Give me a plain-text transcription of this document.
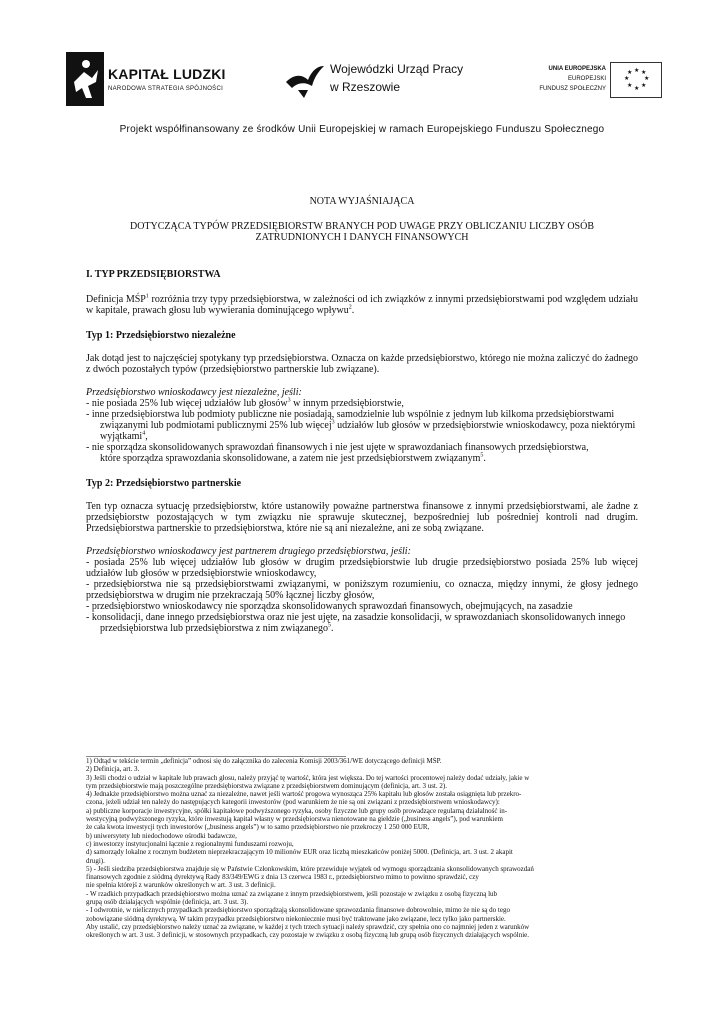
KAPITAŁ LUDZKI
NARODOWA STRATEGIA SPÓJNOŚCI
Wojewódzki Urząd Pracy
w Rzeszowie
UNIA EUROPEJSKA
EUROPEJSKI
FUNDUSZ SPOŁECZNY
★ ★
★
★
★
★
★
★
Projekt współfinansowany ze środków Unii Europejskiej w ramach Europejskiego Funduszu Społecznego
NOTA WYJAŚNIAJĄCA
DOTYCZĄCA TYPÓW PRZEDSIĘBIORSTW BRANYCH POD UWAGE PRZY OBLICZANIU LICZBY OSÓB
ZATRUDNIONYCH I DANYCH FINANSOWYCH
I. TYP PRZEDSIĘBIORSTWA

Definicja MŚP$^1$ rozróżnia trzy typy przedsiębiorstwa, w zależności od ich związków z innymi przedsiębiorstwami pod względem udziału w kapitale, prawach głosu lub wywierania dominującego wpływu$^2$.

Typ 1: Przedsiębiorstwo niezależne

Jak dotąd jest to najczęściej spotykany typ przedsiębiorstwa. Oznacza on każde przedsiębiorstwo, którego nie można zaliczyć do żadnego z dwóch pozostałych typów (przedsiębiorstwo partnerskie lub związane).

Przedsiębiorstwo wnioskodawcy jest niezależne, jeśli:

- nie posiada 25% lub więcej udziałów lub głosów$^3$ w innym przedsiębiorstwie,

- inne przedsiębiorstwa lub podmioty publiczne nie posiadają, samodzielnie lub wspólnie z jednym lub kilkoma przedsiębiorstwami

związanymi lub podmiotami publicznymi 25% lub więcej$^3$ udziałów lub głosów w przedsiębiorstwie wnioskodawcy, poza niektórymi

wyjątkami$^4$,

- nie sporządza skonsolidowanych sprawozdań finansowych i nie jest ujęte w sprawozdaniach finansowych przedsiębiorstwa,

które sporządza sprawozdania skonsolidowane, a zatem nie jest przedsiębiorstwem związanym$^5$.

Typ 2: Przedsiębiorstwo partnerskie

Ten typ oznacza sytuację przedsiębiorstw, które ustanowiły poważne partnerstwa finansowe z innymi przedsiębiorstwami, ale żadne z przedsiębiorstw pozostających w tym związku nie sprawuje skutecznej, bezpośredniej lub pośredniej kontroli nad drugim. Przedsiębiorstwa partnerskie to przedsiębiorstwa, które nie są ani niezależne, ani ze sobą związane.

Przedsiębiorstwo wnioskodawcy jest partnerem drugiego przedsiębiorstwa, jeśli:

- posiada 25% lub więcej udziałów lub głosów w drugim przedsiębiorstwie lub drugie przedsiębiorstwo posiada 25% lub więcej udziałów lub głosów w przedsiębiorstwie wnioskodawcy,

- przedsiębiorstwa nie są przedsiębiorstwami związanymi, w poniższym rozumieniu, co oznacza, między innymi, że głosy jednego przedsiębiorstwa w drugim nie przekraczają 50% łącznej liczby głosów,

- przedsiębiorstwo wnioskodawcy nie sporządza skonsolidowanych sprawozdań finansowych, obejmujących, na zasadzie

- konsolidacji, dane innego przedsiębiorstwa oraz nie jest ujęte, na zasadzie konsolidacji, w sprawozdaniach skonsolidowanych innego

przedsiębiorstwa lub przedsiębiorstwa z nim związanego$^5$.

1) Odtąd w tekście termin „definicja” odnosi się do załącznika do zalecenia Komisji 2003/361/WE dotyczącego definicji MŚP.
2) Definicja, art. 3.
3) Jeśli chodzi o udział w kapitale lub prawach głosu, należy przyjąć tę wartość, która jest większa. Do tej wartości procentowej należy dodać udziały, jakie w
tym przedsiębiorstwie mają poszczególne przedsiębiorstwa związane z przedsiębiorstwem dominującym (definicja, art. 3 ust. 2).
4) Jednakże przedsiębiorstwo można uznać za niezależne, nawet jeśli wartość progowa wynosząca 25% kapitału lub głosów została osiągnięta lub przekro-
czona, jeżeli udział ten należy do następujących kategorii inwestorów (pod warunkiem że nie są oni związani z przedsiębiorstwem wnioskodawcy):
a) publiczne korporacje inwestycyjne, spółki kapitałowe podwyższonego ryzyka, osoby fizyczne lub grupy osób prowadzące regularną działalność in-
westycyjną podwyższonego ryzyka, które inwestują kapitał własny w przedsiębiorstwa nienotowane na giełdzie („business angels”), pod warunkiem
że cała kwota inwestycji tych inwestorów („business angels”) w to samo przedsiębiorstwo nie przekroczy 1 250 000 EUR,
b) uniwersytety lub niedochodowe ośrodki badawcze,
c) inwestorzy instytucjonalni łącznie z regionalnymi funduszami rozwoju,
d) samorządy lokalne z rocznym budżetem nieprzekraczającym 10 milionów EUR oraz liczbą mieszkańców poniżej 5000. (Definicja, art. 3 ust. 2 akapit
drugi).
5) - Jeśli siedziba przedsiębiorstwa znajduje się w Państwie Członkowskim, które przewiduje wyjątek od wymogu sporządzania skonsolidowanych sprawozdań
finansowych zgodnie z siódmą dyrektywą Rady 83/349/EWG z dnia 13 czerwca 1983 r., przedsiębiorstwo mimo to powinno sprawdzić, czy
nie spełnia którejś z warunków określonych w art. 3 ust. 3 definicji.
- W rzadkich przypadkach przedsiębiorstwo można uznać za związane z innym przedsiębiorstwem, jeśli pozostaje w związku z osobą fizyczną lub
grupą osób działających wspólnie (definicja, art. 3 ust. 3).
- I odwrotnie, w nielicznych przypadkach przedsiębiorstwo sporządzają skonsolidowane sprawozdania finansowe dobrowolnie, mimo że nie są do tego
zobowiązane siódmą dyrektywą. W takim przypadku przedsiębiorstwo niekoniecznie musi być traktowane jako związane, lecz tylko jako partnerskie.
Aby ustalić, czy przedsiębiorstwo należy uznać za związane, w każdej z tych trzech sytuacji należy sprawdzić, czy spełnia ono co najmniej jeden z warunków
określonych w art. 3 ust. 3 definicji, w stosownych przypadkach, czy pozostaje w związku z osobą fizyczną lub grupą osób fizycznych działających wspólnie.
